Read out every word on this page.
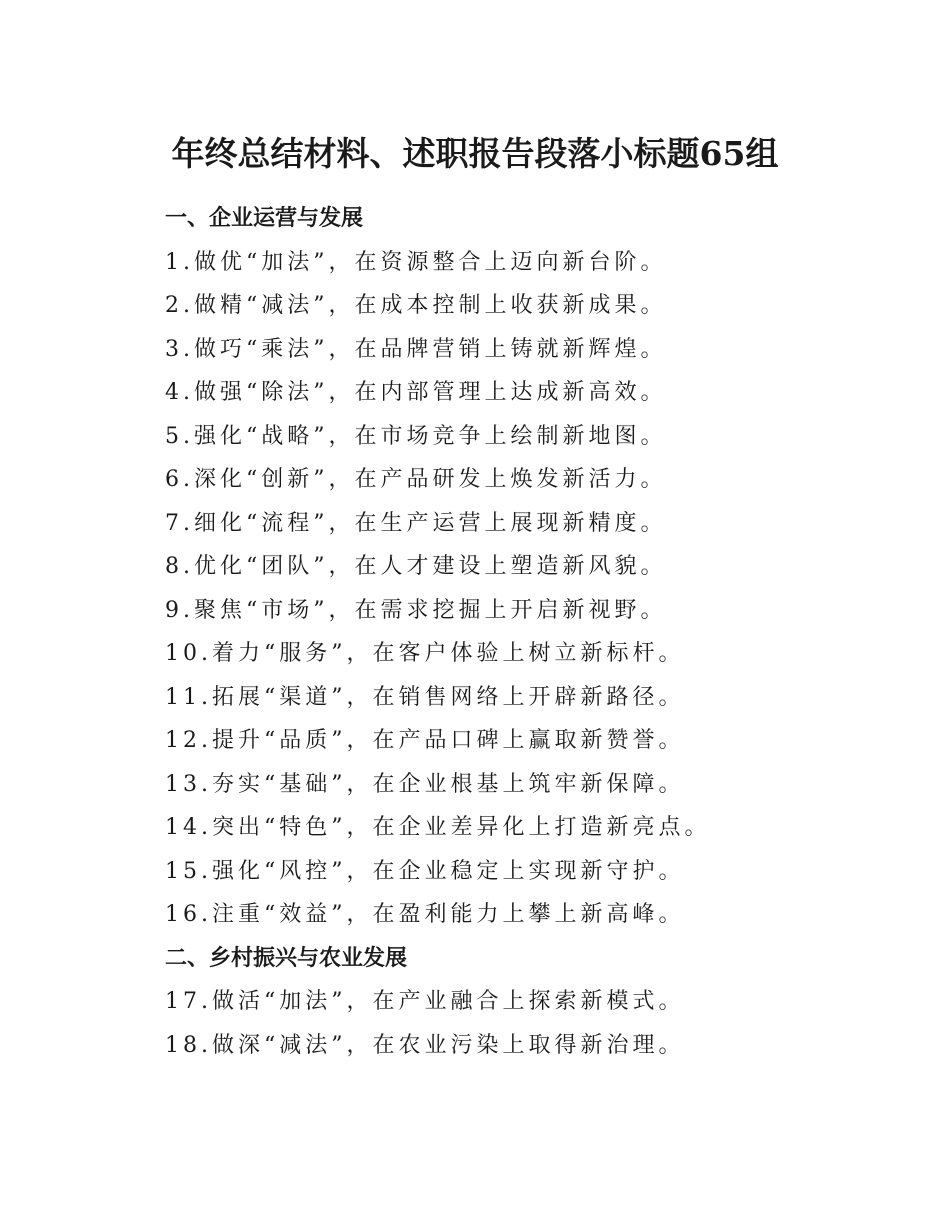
年终总结材料、述职报告段落小标题65组
一、企业运营与发展
1.做优“加法”，在资源整合上迈向新台阶。
2.做精“减法”，在成本控制上收获新成果。
3.做巧“乘法”，在品牌营销上铸就新辉煌。
4.做强“除法”，在内部管理上达成新高效。
5.强化“战略”，在市场竞争上绘制新地图。
6.深化“创新”，在产品研发上焕发新活力。
7.细化“流程”，在生产运营上展现新精度。
8.优化“团队”，在人才建设上塑造新风貌。
9.聚焦“市场”，在需求挖掘上开启新视野。
10.着力“服务”，在客户体验上树立新标杆。
11.拓展“渠道”，在销售网络上开辟新路径。
12.提升“品质”，在产品口碑上赢取新赞誉。
13.夯实“基础”，在企业根基上筑牢新保障。
14.突出“特色”，在企业差异化上打造新亮点。
15.强化“风控”，在企业稳定上实现新守护。
16.注重“效益”，在盈利能力上攀上新高峰。
二、乡村振兴与农业发展
17.做活“加法”，在产业融合上探索新模式。
18.做深“减法”，在农业污染上取得新治理。
